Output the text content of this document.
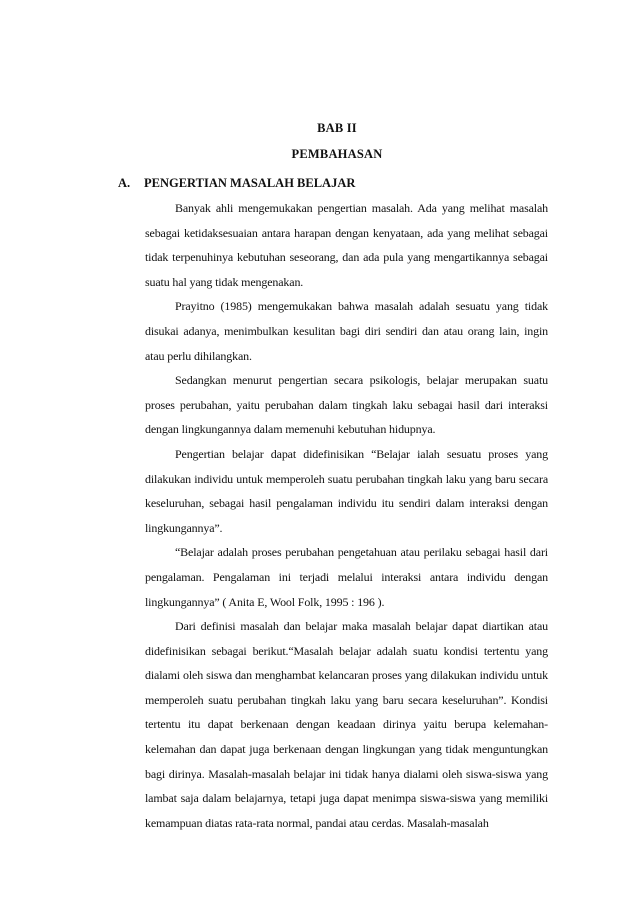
BAB II
PEMBAHASAN
A. PENGERTIAN MASALAH BELAJAR

Banyak ahli mengemukakan pengertian masalah. Ada yang melihat masalah sebagai ketidaksesuaian antara harapan dengan kenyataan, ada yang melihat sebagai tidak terpenuhinya kebutuhan seseorang, dan ada pula yang mengartikannya sebagai suatu hal yang tidak mengenakan.

Prayitno (1985) mengemukakan bahwa masalah adalah sesuatu yang tidak disukai adanya, menimbulkan kesulitan bagi diri sendiri dan atau orang lain, ingin atau perlu dihilangkan.

Sedangkan menurut pengertian secara psikologis, belajar merupakan suatu proses perubahan, yaitu perubahan dalam tingkah laku sebagai hasil dari interaksi dengan lingkungannya dalam memenuhi kebutuhan hidupnya.

Pengertian belajar dapat didefinisikan “Belajar ialah sesuatu proses yang dilakukan individu untuk memperoleh suatu perubahan tingkah laku yang baru secara keseluruhan, sebagai hasil pengalaman individu itu sendiri dalam interaksi dengan lingkungannya”.

“Belajar adalah proses perubahan pengetahuan atau perilaku sebagai hasil dari pengalaman. Pengalaman ini terjadi melalui interaksi antara individu dengan lingkungannya” ( Anita E, Wool Folk, 1995 : 196 ).

Dari definisi masalah dan belajar maka masalah belajar dapat diartikan atau didefinisikan sebagai berikut.“Masalah belajar adalah suatu kondisi tertentu yang dialami oleh siswa dan menghambat kelancaran proses yang dilakukan individu untuk memperoleh suatu perubahan tingkah laku yang baru secara keseluruhan”. Kondisi tertentu itu dapat berkenaan dengan keadaan dirinya yaitu berupa kelemahan-kelemahan dan dapat juga berkenaan dengan lingkungan yang tidak menguntungkan bagi dirinya. Masalah-masalah belajar ini tidak hanya dialami oleh siswa-siswa yang lambat saja dalam belajarnya, tetapi juga dapat menimpa siswa-siswa yang memiliki kemampuan diatas rata-rata normal, pandai atau cerdas. Masalah-masalah
